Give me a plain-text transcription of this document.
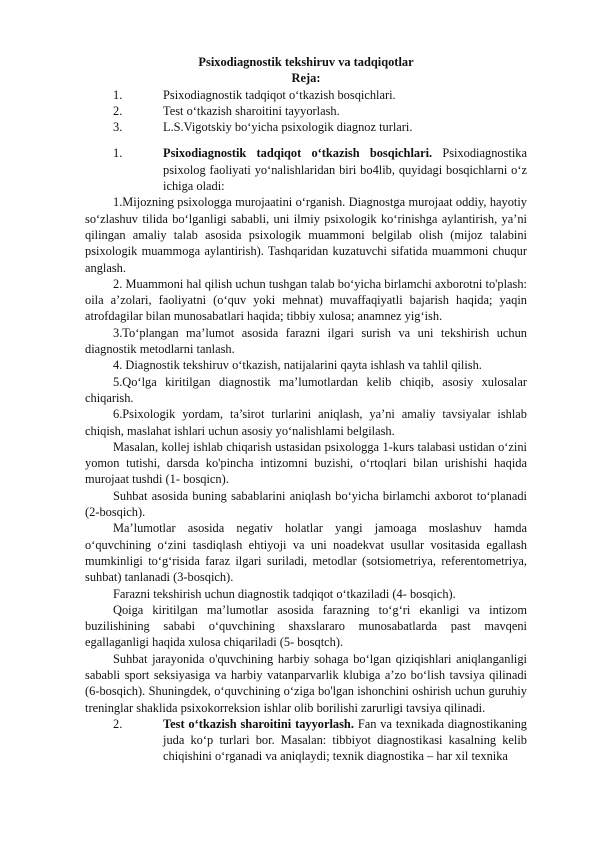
Psixodiagnostik tekshiruv va tadqiqotlar
Reja:
1.	Psixodiagnostik tadqiqot o‘tkazish bosqichlari.
2.	Test o‘tkazish sharoitini tayyorlash.
3.	L.S.Vigotskiy bo‘yicha psixologik diagnoz turlari.

1.	Psixodiagnostik tadqiqot o‘tkazish bosqichlari. Psixodiagnostika psixolog faoliyati yo‘nalishlaridan biri bo4lib, quyidagi bosqichlarni o‘z ichiga oladi:

1.Mijozning psixologga murojaatini o‘rganish. Diagnostga murojaat oddiy, hayotiy so‘zlashuv tilida bo‘lganligi sababli, uni ilmiy psixologik ko‘rinishga aylantirish, ya’ni qilingan amaliy talab asosida psixologik muammoni belgilab olish (mijoz talabini psixologik muammoga aylantirish). Tashqaridan kuzatuvchi sifatida muammoni chuqur anglash.

2. Muammoni hal qilish uchun tushgan talab bo‘yicha birlamchi axborotni to'plash: oila a’zolari, faoliyatni (o‘quv yoki mehnat) muvaffaqiyatli bajarish haqida; yaqin atrofdagilar bilan munosabatlari haqida; tibbiy xulosa; anamnez yig‘ish.

3.To‘plangan ma’lumot asosida farazni ilgari surish va uni tekshirish uchun diagnostik metodlarni tanlash.

4. Diagnostik tekshiruv o‘tkazish, natijalarini qayta ishlash va tahlil qilish.

5.Qo‘lga kiritilgan diagnostik ma’lumotlardan kelib chiqib, asosiy xulosalar chiqarish.

6.Psixologik yordam, ta’sirot turlarini aniqlash, ya’ni amaliy tavsiyalar ishlab chiqish, maslahat ishlari uchun asosiy yo‘nalishlami belgilash.

Masalan, kollej ishlab chiqarish ustasidan psixologga 1-kurs talabasi ustidan o‘zini yomon tutishi, darsda ko'pincha intizomni buzishi, o‘rtoqlari bilan urishishi haqida murojaat tushdi (1- bosqicn).

Suhbat asosida buning sabablarini aniqlash bo‘yicha birlamchi axborot to‘planadi (2-bosqich).

Ma’lumotlar asosida negativ holatlar yangi jamoaga moslashuv hamda o‘quvchining o‘zini tasdiqlash ehtiyoji va uni noadekvat usullar vositasida egallash mumkinligi to‘g‘risida faraz ilgari suriladi, metodlar (sotsiometriya, referentometriya, suhbat) tanlanadi (3-bosqich).

Farazni tekshirish uchun diagnostik tadqiqot o‘tkaziladi (4- bosqich).

Qoiga kiritilgan ma’lumotlar asosida farazning to‘g‘ri ekanligi va intizom buzilishining sababi o‘quvchining shaxslararo munosabatlarda past mavqeni egallaganligi haqida xulosa chiqariladi (5- bosqtch).

Suhbat jarayonida o'quvchining harbiy sohaga bo‘lgan qiziqishlari aniqlanganligi sababli sport seksiyasiga va harbiy vatanparvarlik klubiga a’zo bo‘lish tavsiya qilinadi (6-bosqich). Shuningdek, o‘quvchining o‘ziga bo'lgan ishonchini oshirish uchun guruhiy treninglar shaklida psixokorreksion ishlar olib borilishi zarurligi tavsiya qilinadi.

2.	Test o‘tkazish sharoitini tayyorlash. Fan va texnikada diagnostikaning juda ko‘p turlari bor. Masalan: tibbiyot diagnostikasi kasalning kelib chiqishini o‘rganadi va aniqlaydi; texnik diagnostika – har xil texnika
